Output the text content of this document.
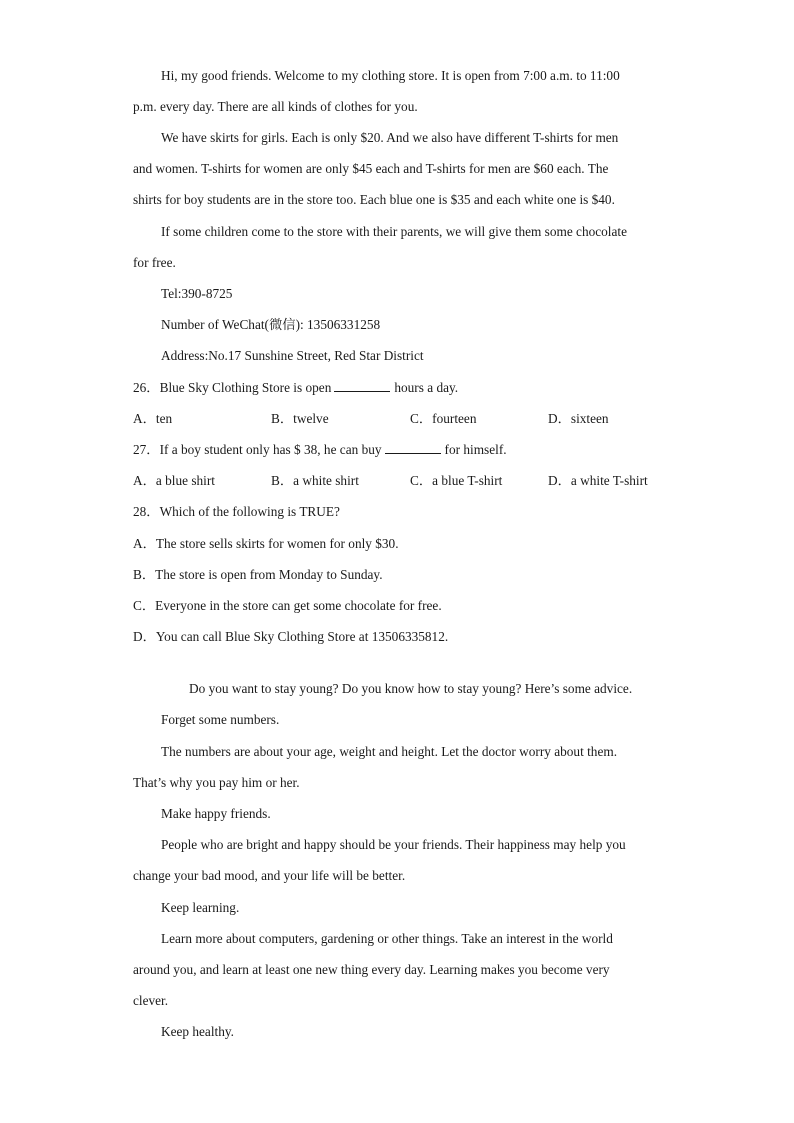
Hi, my good friends. Welcome to my clothing store. It is open from 7:00 a.m. to 11:00
p.m. every day. There are all kinds of clothes for you.
We have skirts for girls. Each is only $20. And we also have different T-shirts for men
and women. T-shirts for women are only $45 each and T-shirts for men are $60 each. The
shirts for boy students are in the store too. Each blue one is $35 and each white one is $40.
If some children come to the store with their parents, we will give them some chocolate
for free.
Tel:390-8725
Number of WeChat(微信): 13506331258
Address:No.17 Sunshine Street, Red Star District
26．Blue Sky Clothing Store is open	hours a day.
A．ten	B．twelve	C．fourteen	D．sixteen
27．If a boy student only has $ 38, he can buy	for himself.
A．a blue shirt	B．a white shirt	C．a blue T-shirt	D．a white T-shirt
28．Which of the following is TRUE?
A．The store sells skirts for women for only $30.
B．The store is open from Monday to Sunday.
C．Everyone in the store can get some chocolate for free.
D．You can call Blue Sky Clothing Store at 13506335812.
Do you want to stay young? Do you know how to stay young? Here’s some advice.
Forget some numbers.
The numbers are about your age, weight and height. Let the doctor worry about them.
That’s why you pay him or her.
Make happy friends.
People who are bright and happy should be your friends. Their happiness may help you
change your bad mood, and your life will be better.
Keep learning.
Learn more about computers, gardening or other things. Take an interest in the world
around you, and learn at least one new thing every day. Learning makes you become very
clever.
Keep healthy.
